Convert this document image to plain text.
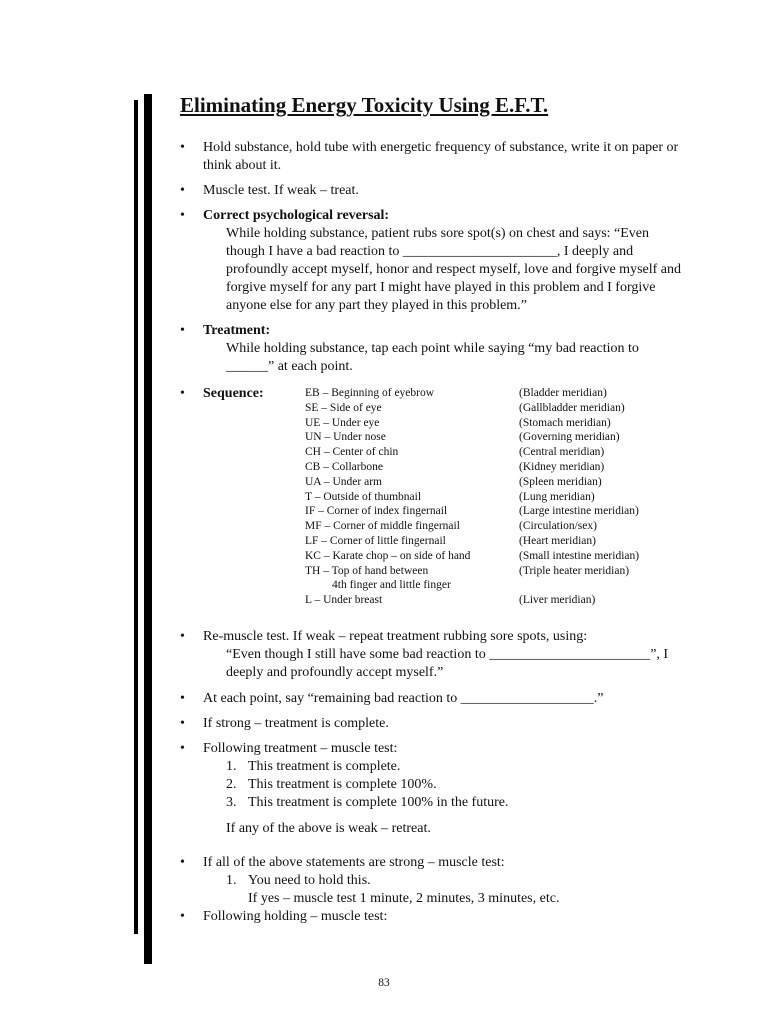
Eliminating Energy Toxicity Using E.F.T.
• Hold substance, hold tube with energetic frequency of substance, write it on paper or
think about it.
• Muscle test. If weak – treat.
• Correct psychological reversal:
While holding substance, patient rubs sore spot(s) on chest and says: “Even
though I have a bad reaction to ______________________, I deeply and
profoundly accept myself, honor and respect myself, love and forgive myself and
forgive myself for any part I might have played in this problem and I forgive
anyone else for any part they played in this problem.”
• Treatment:
While holding substance, tap each point while saying “my bad reaction to
______” at each point.
• Sequence:	EB – Beginning of eyebrow	(Bladder meridian)
SE – Side of eye	(Gallbladder meridian)
UE – Under eye	(Stomach meridian)
UN – Under nose	(Governing meridian)
CH – Center of chin	(Central meridian)
CB – Collarbone	(Kidney meridian)
UA – Under arm	(Spleen meridian)
T – Outside of thumbnail	(Lung meridian)
IF – Corner of index fingernail	(Large intestine meridian)
MF – Corner of middle fingernail	(Circulation/sex)
LF – Corner of little fingernail	(Heart meridian)
KC – Karate chop – on side of hand	(Small intestine meridian)
TH – Top of hand between	(Triple heater meridian)
4th finger and little finger
L – Under breast	(Liver meridian)
• Re-muscle test. If weak – repeat treatment rubbing sore spots, using:
“Even though I still have some bad reaction to _______________________”, I
deeply and profoundly accept myself.”
• At each point, say “remaining bad reaction to ___________________.”
• If strong – treatment is complete.
• Following treatment – muscle test:
1. This treatment is complete.
2. This treatment is complete 100%.
3. This treatment is complete 100% in the future.
If any of the above is weak – retreat.
• If all of the above statements are strong – muscle test:
1. You need to hold this.
If yes – muscle test 1 minute, 2 minutes, 3 minutes, etc.
• Following holding – muscle test:
83
